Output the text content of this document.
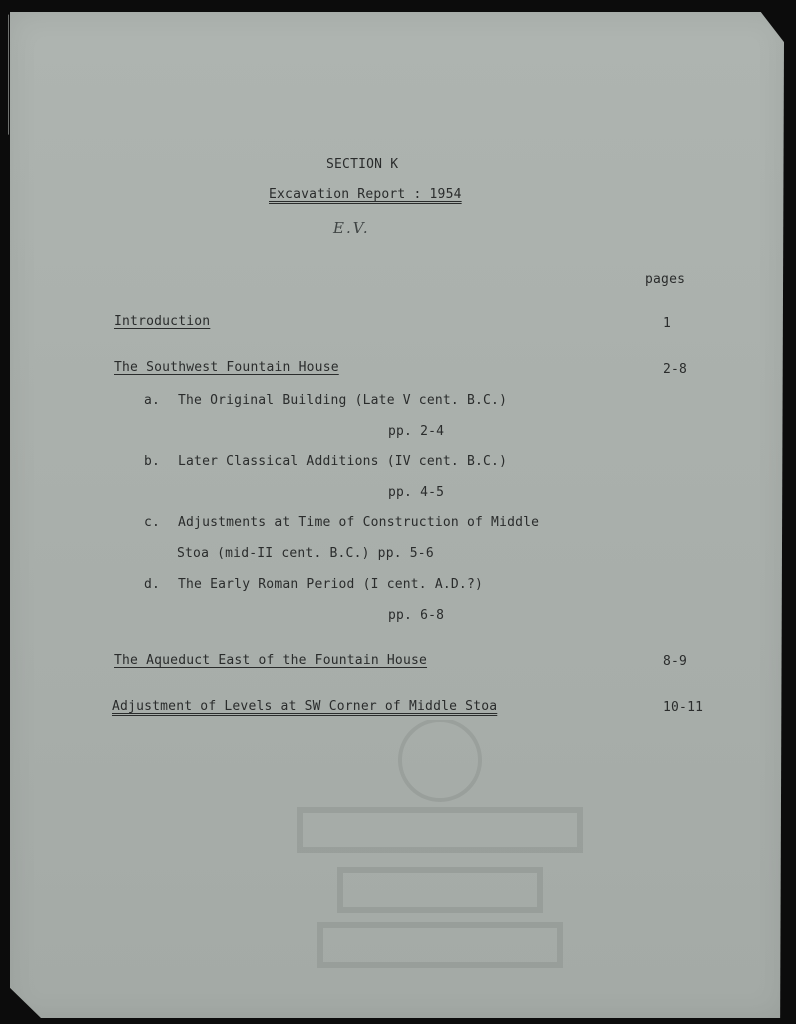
SECTION K
Excavation Report : 1954
E.V.
pages
Introduction	1
The Southwest Fountain House	2-8
a. The Original Building (Late V cent. B.C.)
pp. 2-4
b. Later Classical Additions (IV cent. B.C.)
pp. 4-5
c. Adjustments at Time of Construction of Middle
Stoa (mid-II cent. B.C.) pp. 5-6
d. The Early Roman Period (I cent. A.D.?)
pp. 6-8
The Aqueduct East of the Fountain House	8-9
Adjustment of Levels at SW Corner of Middle Stoa	10-11
